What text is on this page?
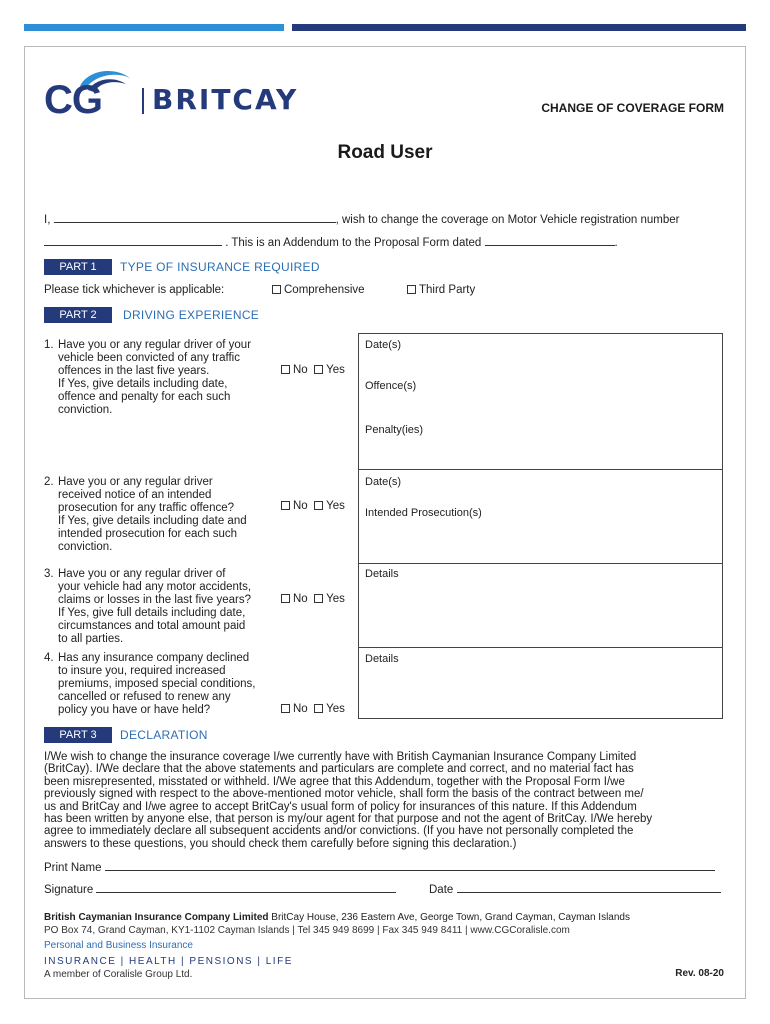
CG BRITCAY	CHANGE OF COVERAGE FORM
Road User
I,	, wish to change the coverage on Motor Vehicle registration number
. This is an Addendum to the Proposal Form dated	.
PART 1	TYPE OF INSURANCE REQUIRED
Please tick whichever is applicable:	Comprehensive	Third Party
PART 2	DRIVING EXPERIENCE
1. Have you or any regular driver of your
vehicle been convicted of any traffic
offences in the last five years.
If Yes, give details including date,
offence and penalty for each such
conviction.
No Yes
Date(s)
Offence(s)
Penalty(ies)
2. Have you or any regular driver
received notice of an intended
prosecution for any traffic offence?
If Yes, give details including date and
intended prosecution for each such
conviction.
No Yes
Date(s)
Intended Prosecution(s)
3. Have you or any regular driver of
your vehicle had any motor accidents,
claims or losses in the last five years?
If Yes, give full details including date,
circumstances and total amount paid
to all parties.
No Yes
Details
4. Has any insurance company declined
to insure you, required increased
premiums, imposed special conditions,
cancelled or refused to renew any
policy you have or have held?	No Yes
Details
PART 3	DECLARATION
I/We wish to change the insurance coverage I/we currently have with British Caymanian Insurance Company Limited
(BritCay). I/We declare that the above statements and particulars are complete and correct, and no material fact has
been misrepresented, misstated or withheld. I/We agree that this Addendum, together with the Proposal Form I/we
previously signed with respect to the above-mentioned motor vehicle, shall form the basis of the contract between me/
us and BritCay and I/we agree to accept BritCay's usual form of policy for insurances of this nature. If this Addendum
has been written by anyone else, that person is my/our agent for that purpose and not the agent of BritCay. I/We hereby
agree to immediately declare all subsequent accidents and/or convictions. (If you have not personally completed the
answers to these questions, you should check them carefully before signing this declaration.)
Print Name
Signature	Date
British Caymanian Insurance Company Limited BritCay House, 236 Eastern Ave, George Town, Grand Cayman, Cayman Islands
PO Box 74, Grand Cayman, KY1-1102 Cayman Islands | Tel 345 949 8699 | Fax 345 949 8411 | www.CGCoralisle.com
Personal and Business Insurance
INSURANCE | HEALTH | PENSIONS | LIFE
A member of Coralisle Group Ltd.	Rev. 08-20
